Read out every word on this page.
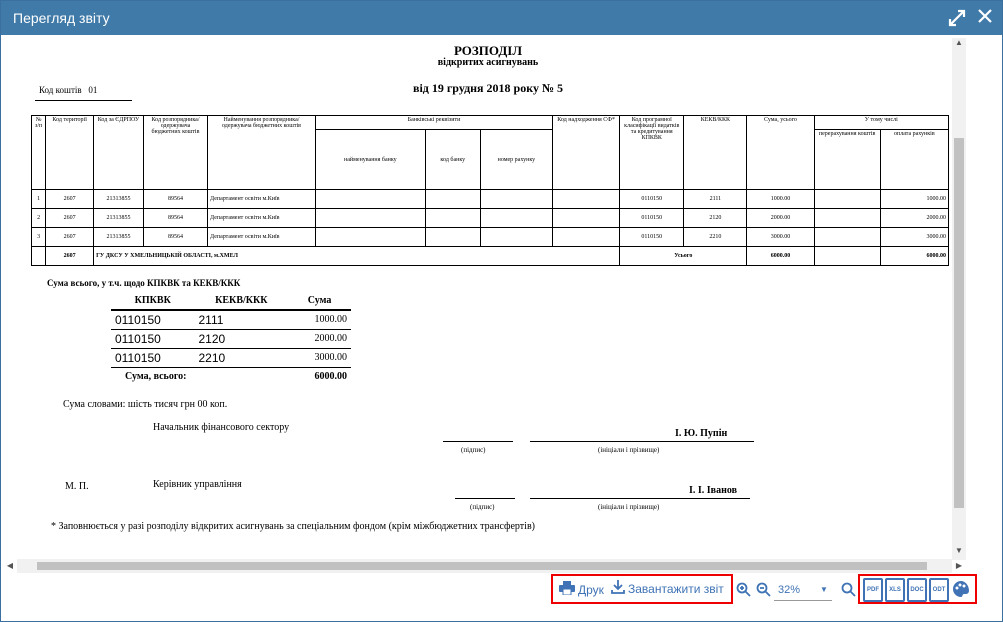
Перегляд звіту
РОЗПОДІЛ
відкритих асигнувань
від 19 грудня 2018 року № 5
Код коштів 01
№ з/п	Код території	Код за ЄДРПОУ	Код розпорядника/ одержувача бюджетних коштів	Найменування розпорядника/ одержувача бюджетних коштів	Банківські реквізити			Код надходження СФ*	Код програмної класифікації видатків та кредитування КПКВК	КЕКВ/ККК	Сума, усього	У тому числі	
					найменування банку	код банку	номер рахунку					перерахування коштів	оплата рахунків
1	2607	21313855	89564	Департамент освіти м.Київ					0110150	2111	1000.00		1000.00
2	2607	21313855	89564	Департамент освіти м.Київ					0110150	2120	2000.00		2000.00
3	2607	21313855	89564	Департамент освіти м.Київ					0110150	2210	3000.00		3000.00
	2607	ГУ ДКСУ У ХМЕЛЬНИЦЬКІЙ ОБЛАСТІ, м.ХМЕЛ							Усього		6000.00		6000.00
Сума всього, у т.ч. щодо КПКВК та КЕКВ/ККК
КПКВК	КЕКВ/ККК	Сума
0110150	2111	1000.00
0110150	2120	2000.00
0110150	2210	3000.00
Сума, всього:		6000.00
Сума словами: шість тисяч грн 00 коп.
Начальник фінансового сектору
І. Ю. Пупін
(підпис)	(ініціали і прізвище)
М. П.	Керівник управління
І. І. Іванов
(підпис)	(ініціали і прізвище)
* Заповнюється у разі розподілу відкритих асигнувань за спеціальним фондом (крім міжбюджетних трансфертів)
▲
▼
◀	▶
Друк Завантажити звіт	32% ▼	PDF	XLS	DOC	ODT
